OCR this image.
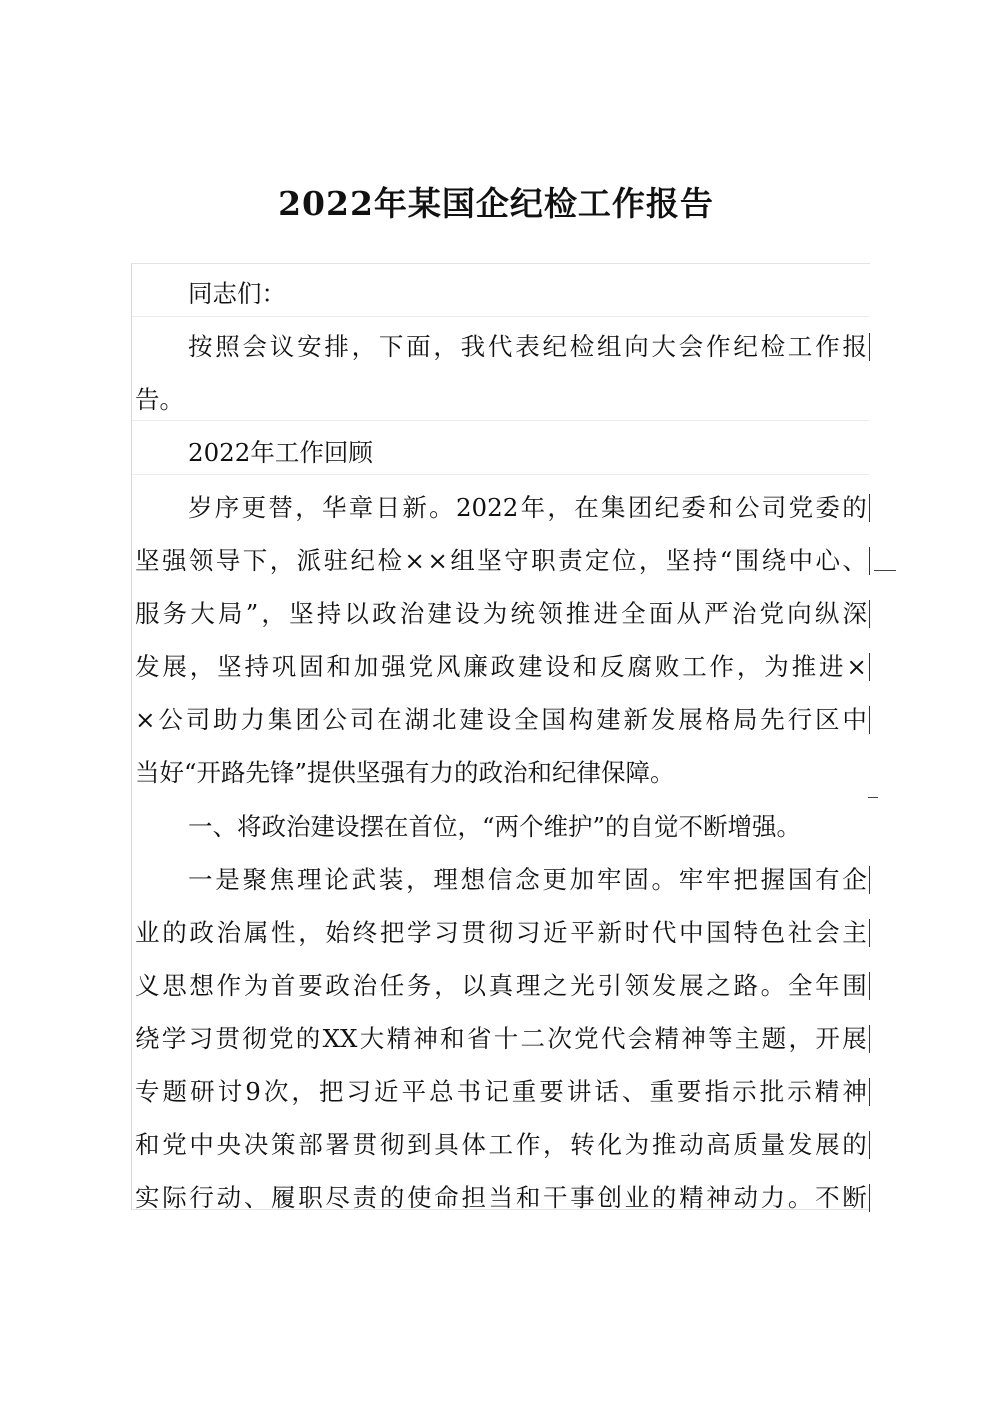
2022年某国企纪检工作报告
同志们：
按 照 会 议 安 排 ， 下 面 ， 我 代 表 纪 检 组 向 大 会 作 纪 检 工 作 报
告。
2022年工作回顾
岁 序 更 替 ， 华 章 日 新 。 2022 年 ， 在 集 团 纪 委 和 公 司 党 委 的
坚 强 领 导 下 ， 派 驻 纪 检 × × 组 坚 守 职 责 定 位 ， 坚 持 “ 围 绕 中 心 、
服 务 大 局 ” ， 坚 持 以 政 治 建 设 为 统 领 推 进 全 面 从 严 治 党 向 纵 深
发 展 ， 坚 持 巩 固 和 加 强 党 风 廉 政 建 设 和 反 腐 败 工 作 ， 为 推 进 ×
× 公 司 助 力 集 团 公 司 在 湖 北 建 设 全 国 构 建 新 发 展 格 局 先 行 区 中
当好“开路先锋”提供坚强有力的政治和纪律保障。
一、将政治建设摆在首位，“两个维护”的自觉不断增强。
一 是 聚 焦 理 论 武 装 ， 理 想 信 念 更 加 牢 固 。 牢 牢 把 握 国 有 企
业 的 政 治 属 性 ， 始 终 把 学 习 贯 彻 习 近 平 新 时 代 中 国 特 色 社 会 主
义 思 想 作 为 首 要 政 治 任 务 ， 以 真 理 之 光 引 领 发 展 之 路 。 全 年 围
绕 学 习 贯 彻 党 的 XX 大 精 神 和 省 十 二 次 党 代 会 精 神 等 主 题 ， 开 展
专 题 研 讨 9 次 ， 把 习 近 平 总 书 记 重 要 讲 话 、 重 要 指 示 批 示 精 神
和 党 中 央 决 策 部 署 贯 彻 到 具 体 工 作 ， 转 化 为 推 动 高 质 量 发 展 的
实 际 行 动 、 履 职 尽 责 的 使 命 担 当 和 干 事 创 业 的 精 神 动 力 。 不 断
